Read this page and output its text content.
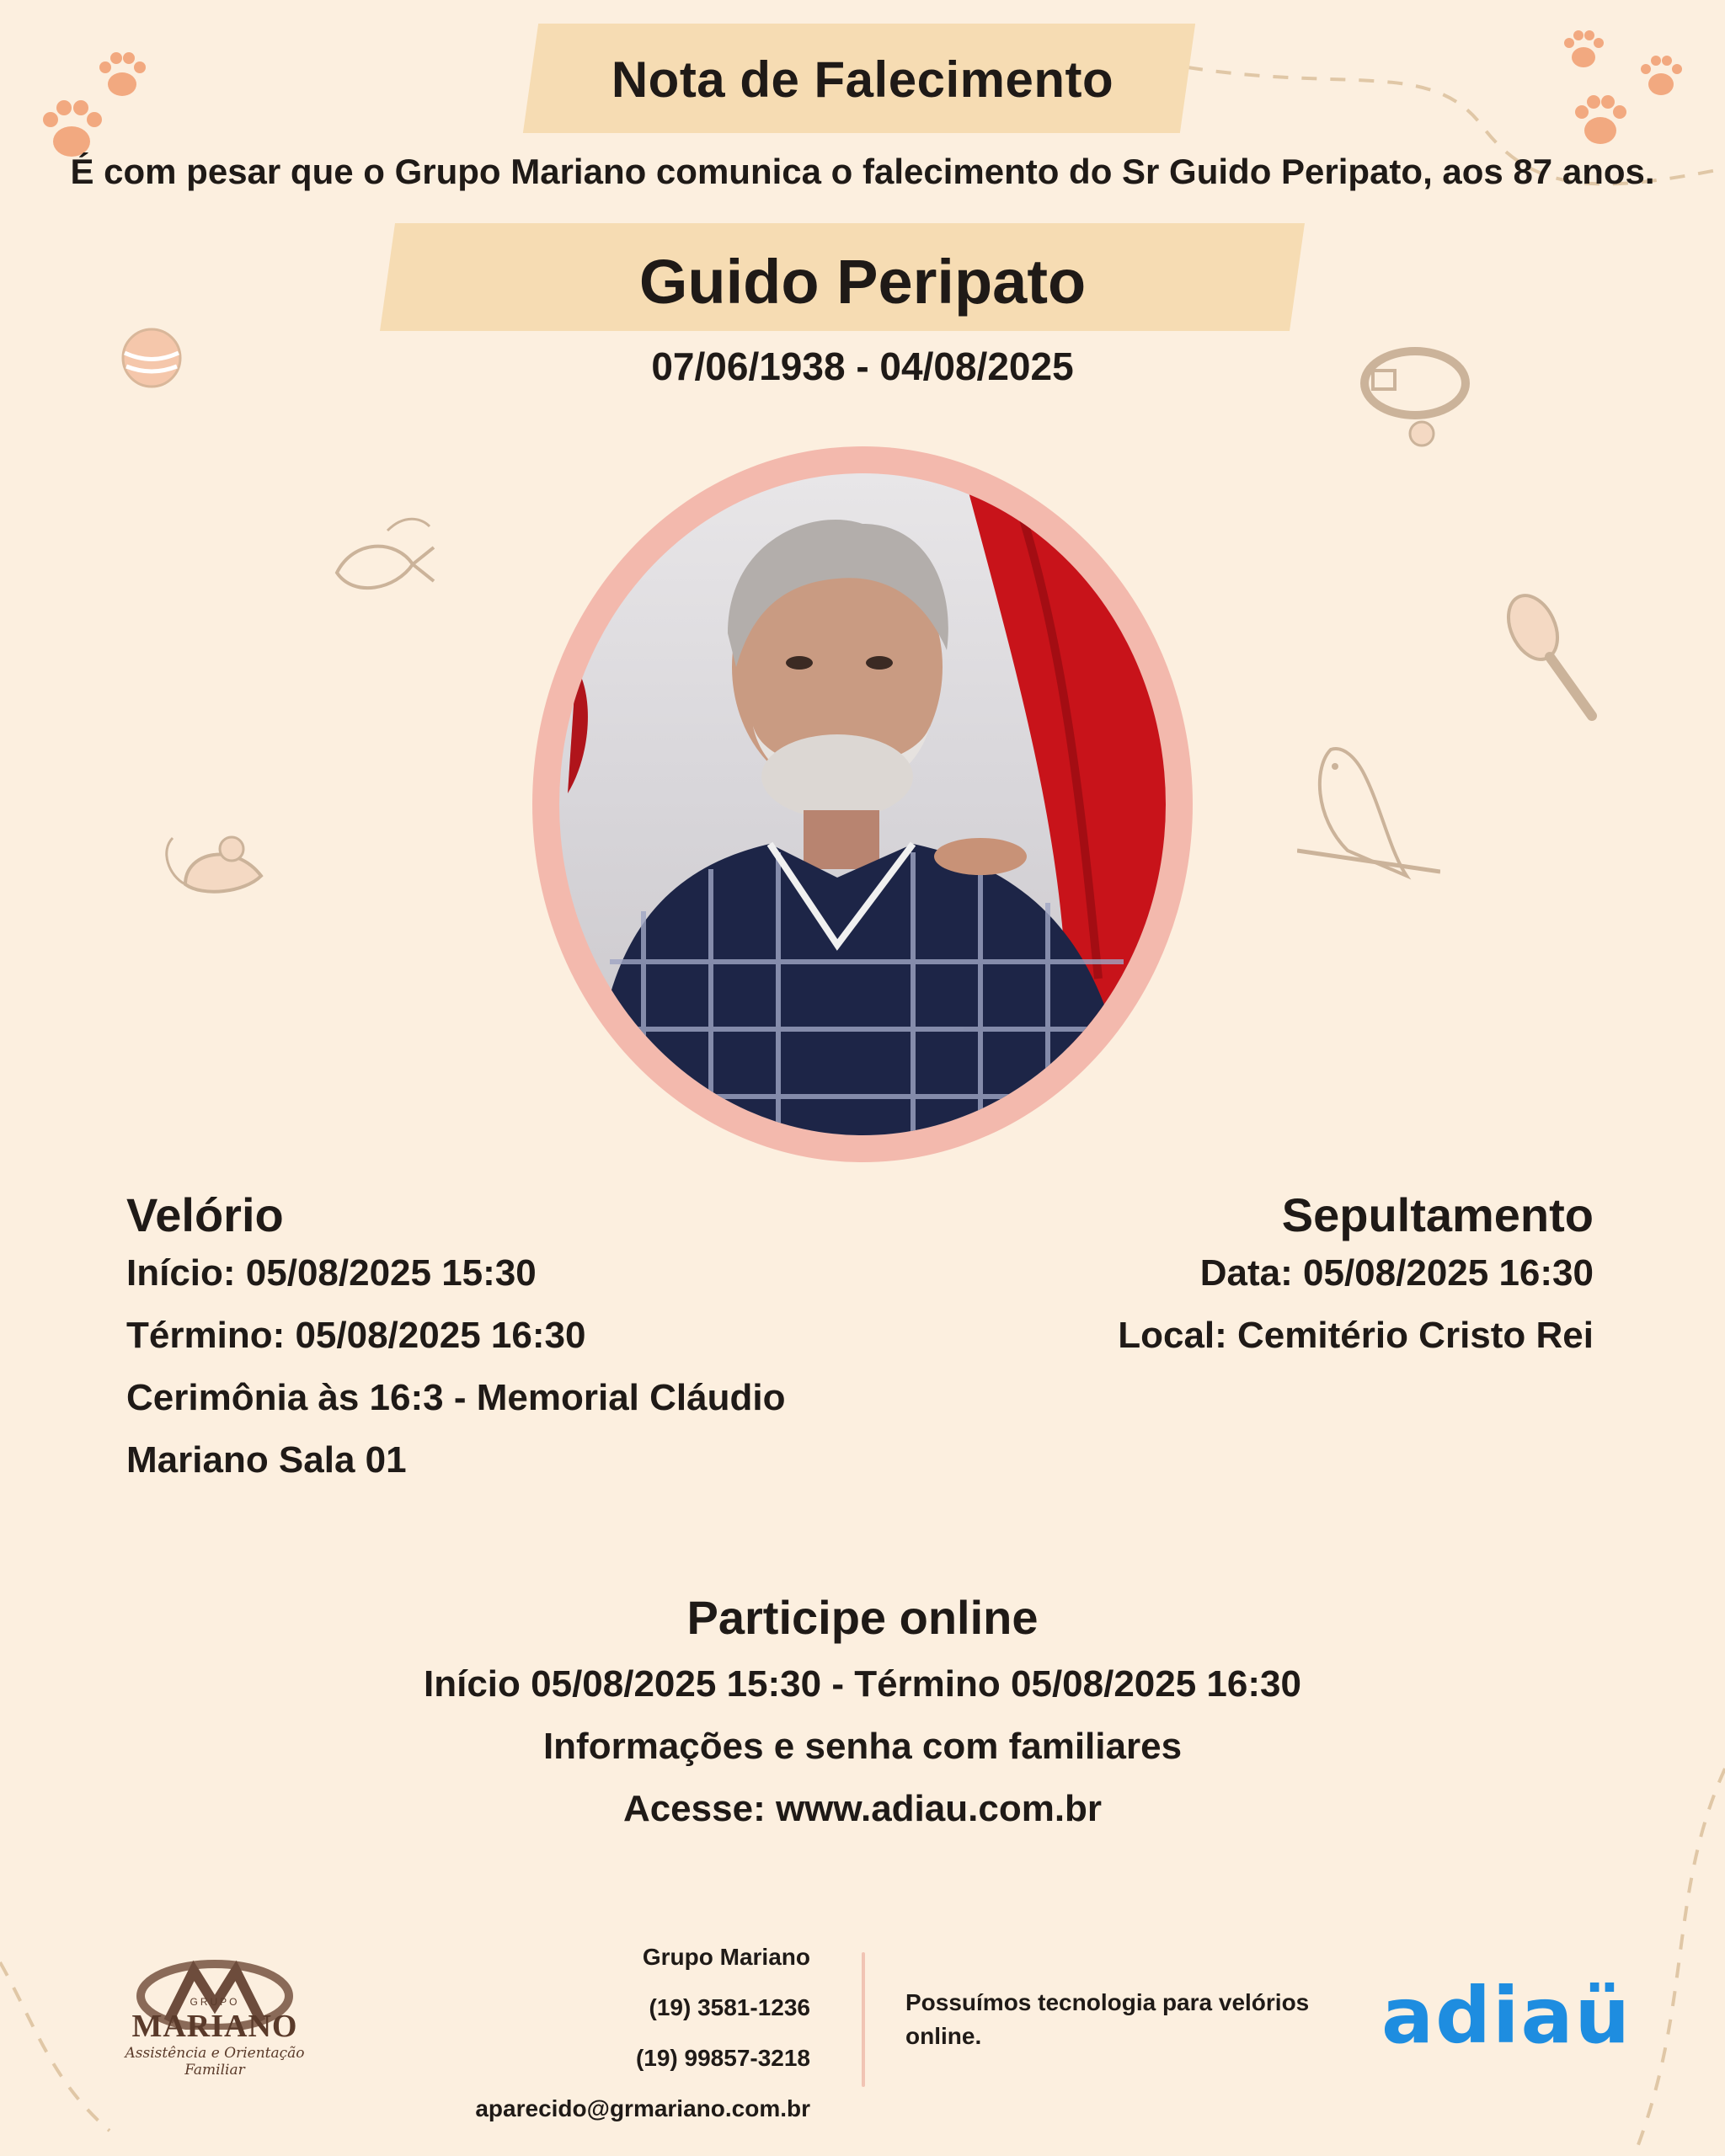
Nota de Falecimento
É com pesar que o Grupo Mariano comunica o falecimento do Sr Guido Peripato, aos 87 anos.
Guido Peripato
07/06/1938 - 04/08/2025
Velório
Início: 05/08/2025 15:30
Término: 05/08/2025 16:30
Cerimônia às 16:3 - Memorial Cláudio
Mariano Sala 01
Sepultamento
Data: 05/08/2025 16:30
Local: Cemitério Cristo Rei
Participe online
Início 05/08/2025 15:30 - Término 05/08/2025 16:30
Informações e senha com familiares
Acesse: www.adiau.com.br
GRUPO
MARIANO
Assistência e Orientação Familiar
Grupo Mariano
(19) 3581-1236
(19) 99857-3218
aparecido@grmariano.com.br
Possuímos tecnologia para velórios online.	adiaü
